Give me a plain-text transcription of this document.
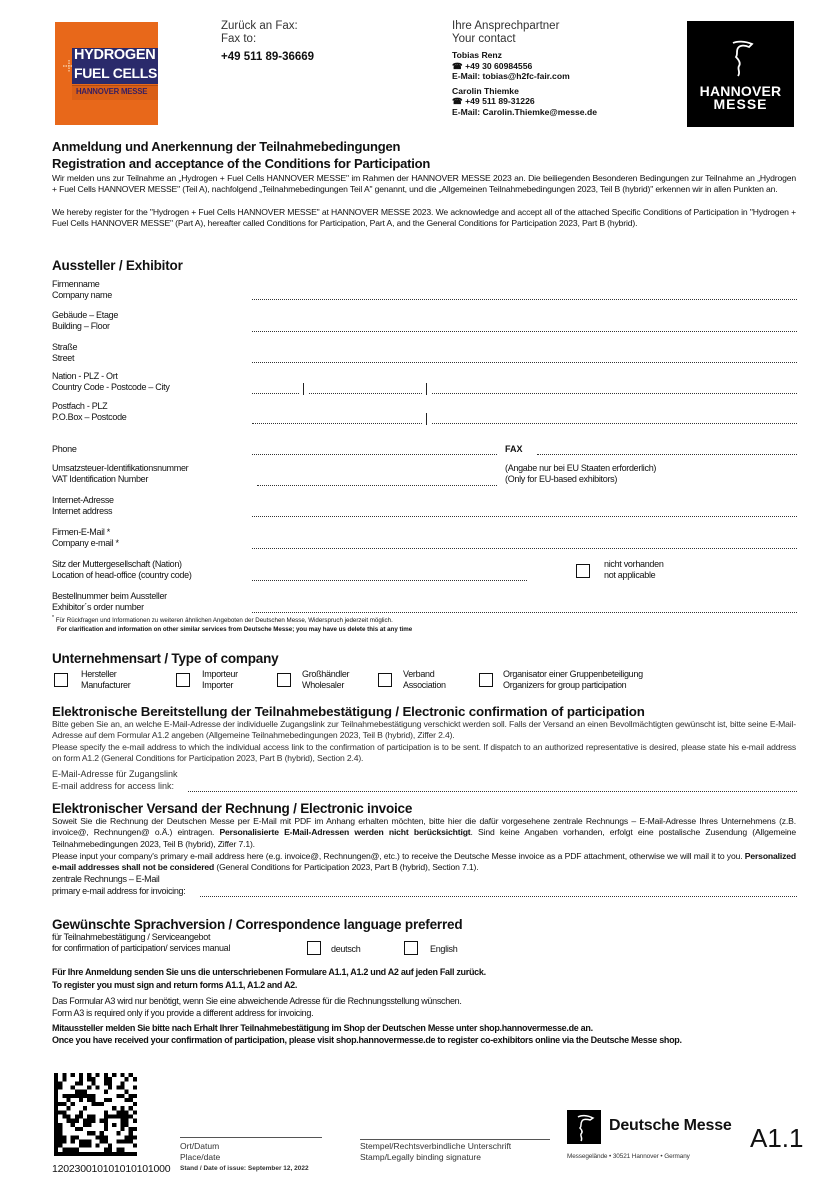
HYDROGEN
FUEL CELLS
HANNOVER MESSE
Zurück an Fax:
Fax to:
+49 511 89-36669
Ihre Ansprechpartner
Your contact
Tobias Renz
☎ +49 30 60984556
E-Mail: tobias@h2fc-fair.com
Carolin Thiemke
☎ +49 511 89-31226
E-Mail: Carolin.Thiemke@messe.de
HANNOVER
MESSE
Anmeldung und Anerkennung der Teilnahmebedingungen
Registration and acceptance of the Conditions for Participation
Wir melden uns zur Teilnahme an „Hydrogen + Fuel Cells HANNOVER MESSE" im Rahmen der HANNOVER MESSE 2023 an. Die beiliegenden Besonderen Bedingungen zur Teilnahme an „Hydrogen + Fuel Cells HANNOVER MESSE" (Teil A), nachfolgend „Teilnahmebedingungen Teil A" genannt, und die „Allgemeinen Teilnahmebedingungen 2023, Teil B (hybrid)" erkennen wir in allen Punkten an.
We hereby register for the "Hydrogen + Fuel Cells HANNOVER MESSE" at HANNOVER MESSE 2023. We acknowledge and accept all of the attached Specific Conditions of Participation in "Hydrogen + Fuel Cells HANNOVER MESSE" (Part A), hereafter called Conditions for Participation, Part A, and the General Conditions for Participation 2023, Part B (hybrid).
Aussteller / Exhibitor
Firmenname
Company name
Gebäude – Etage
Building – Floor
Straße
Street
Nation - PLZ - Ort
Country Code - Postcode – City
Postfach - PLZ
P.O.Box – Postcode
Phone	FAX
Umsatzsteuer-Identifikationsnummer
VAT Identification Number
(Angabe nur bei EU Staaten erforderlich)
(Only for EU-based exhibitors)
Internet-Adresse
Internet address
Firmen-E-Mail *
Company e-mail *
Sitz der Muttergesellschaft (Nation)
Location of head-office (country code)
nicht vorhanden
not applicable
Bestellnummer beim Aussteller
Exhibitor´s order number
* Für Rückfragen und Informationen zu weiteren ähnlichen Angeboten der Deutschen Messe, Widerspruch jederzeit möglich.
For clarification and information on other similar services from Deutsche Messe; you may have us delete this at any time
Unternehmensart / Type of company
Hersteller
Manufacturer
Importeur
Importer
Großhändler
Wholesaler
Verband
Association
Organisator einer Gruppenbeteiligung
Organizers for group participation
Elektronische Bereitstellung der Teilnahmebestätigung / Electronic confirmation of participation
Bitte geben Sie an, an welche E-Mail-Adresse der individuelle Zugangslink zur Teilnahmebestätigung verschickt werden soll. Falls der Versand an einen Bevollmächtigten gewünscht ist, bitte seine E-Mail-Adresse auf dem Formular A1.2 angeben (Allgemeine Teilnahmebedingungen 2023, Teil B (hybrid), Ziffer 2.4).
Please specify the e-mail address to which the individual access link to the confirmation of participation is to be sent. If dispatch to an authorized representative is desired, please state his e-mail address on form A1.2 (General Conditions for Participation 2023, Part B (hybrid), Section 2.4).
E-Mail-Adresse für Zugangslink
E-mail address for access link:
Elektronischer Versand der Rechnung / Electronic invoice
Soweit Sie die Rechnung der Deutschen Messe per E-Mail mit PDF im Anhang erhalten möchten, bitte hier die dafür vorgesehene zentrale Rechnungs – E-Mail-Adresse Ihres Unternehmens (z.B. invoice@, Rechnungen@ o.Ä.) eintragen. Personalisierte E-Mail-Adressen werden nicht berücksichtigt. Sind keine Angaben vorhanden, erfolgt eine postalische Zusendung (Allgemeine Teilnahmebedingungen 2023, Teil B (hybrid), Ziffer 7.1).
Please input your company's primary e-mail address here (e.g. invoice@, Rechnungen@, etc.) to receive the Deutsche Messe invoice as a PDF attachment, otherwise we will mail it to you. Personalized e-mail addresses shall not be considered (General Conditions for Participation 2023, Part B (hybrid), Section 7.1).
zentrale Rechnungs – E-Mail
primary e-mail address for invoicing:
Gewünschte Sprachversion / Correspondence language preferred
für Teilnahmebestätigung / Serviceangebot
for confirmation of participation/ services manual	deutsch	English
Für Ihre Anmeldung senden Sie uns die unterschriebenen Formulare A1.1, A1.2 und A2 auf jeden Fall zurück.
To register you must sign and return forms A1.1, A1.2 and A2.
Das Formular A3 wird nur benötigt, wenn Sie eine abweichende Adresse für die Rechnungsstellung wünschen.
Form A3 is required only if you provide a different address for invoicing.
Mitaussteller melden Sie bitte nach Erhalt Ihrer Teilnahmebestätigung im Shop der Deutschen Messe unter shop.hannovermesse.de an.
Once you have received your confirmation of participation, please visit shop.hannovermesse.de to register co-exhibitors online via the Deutsche Messe shop.
120230010101010101000
Ort/Datum
Place/date
Stand / Date of issue: September 12, 2022
Stempel/Rechtsverbindliche Unterschrift
Stamp/Legally binding signature
Deutsche Messe
Messegelände • 30521 Hannover • Germany
A1.1
